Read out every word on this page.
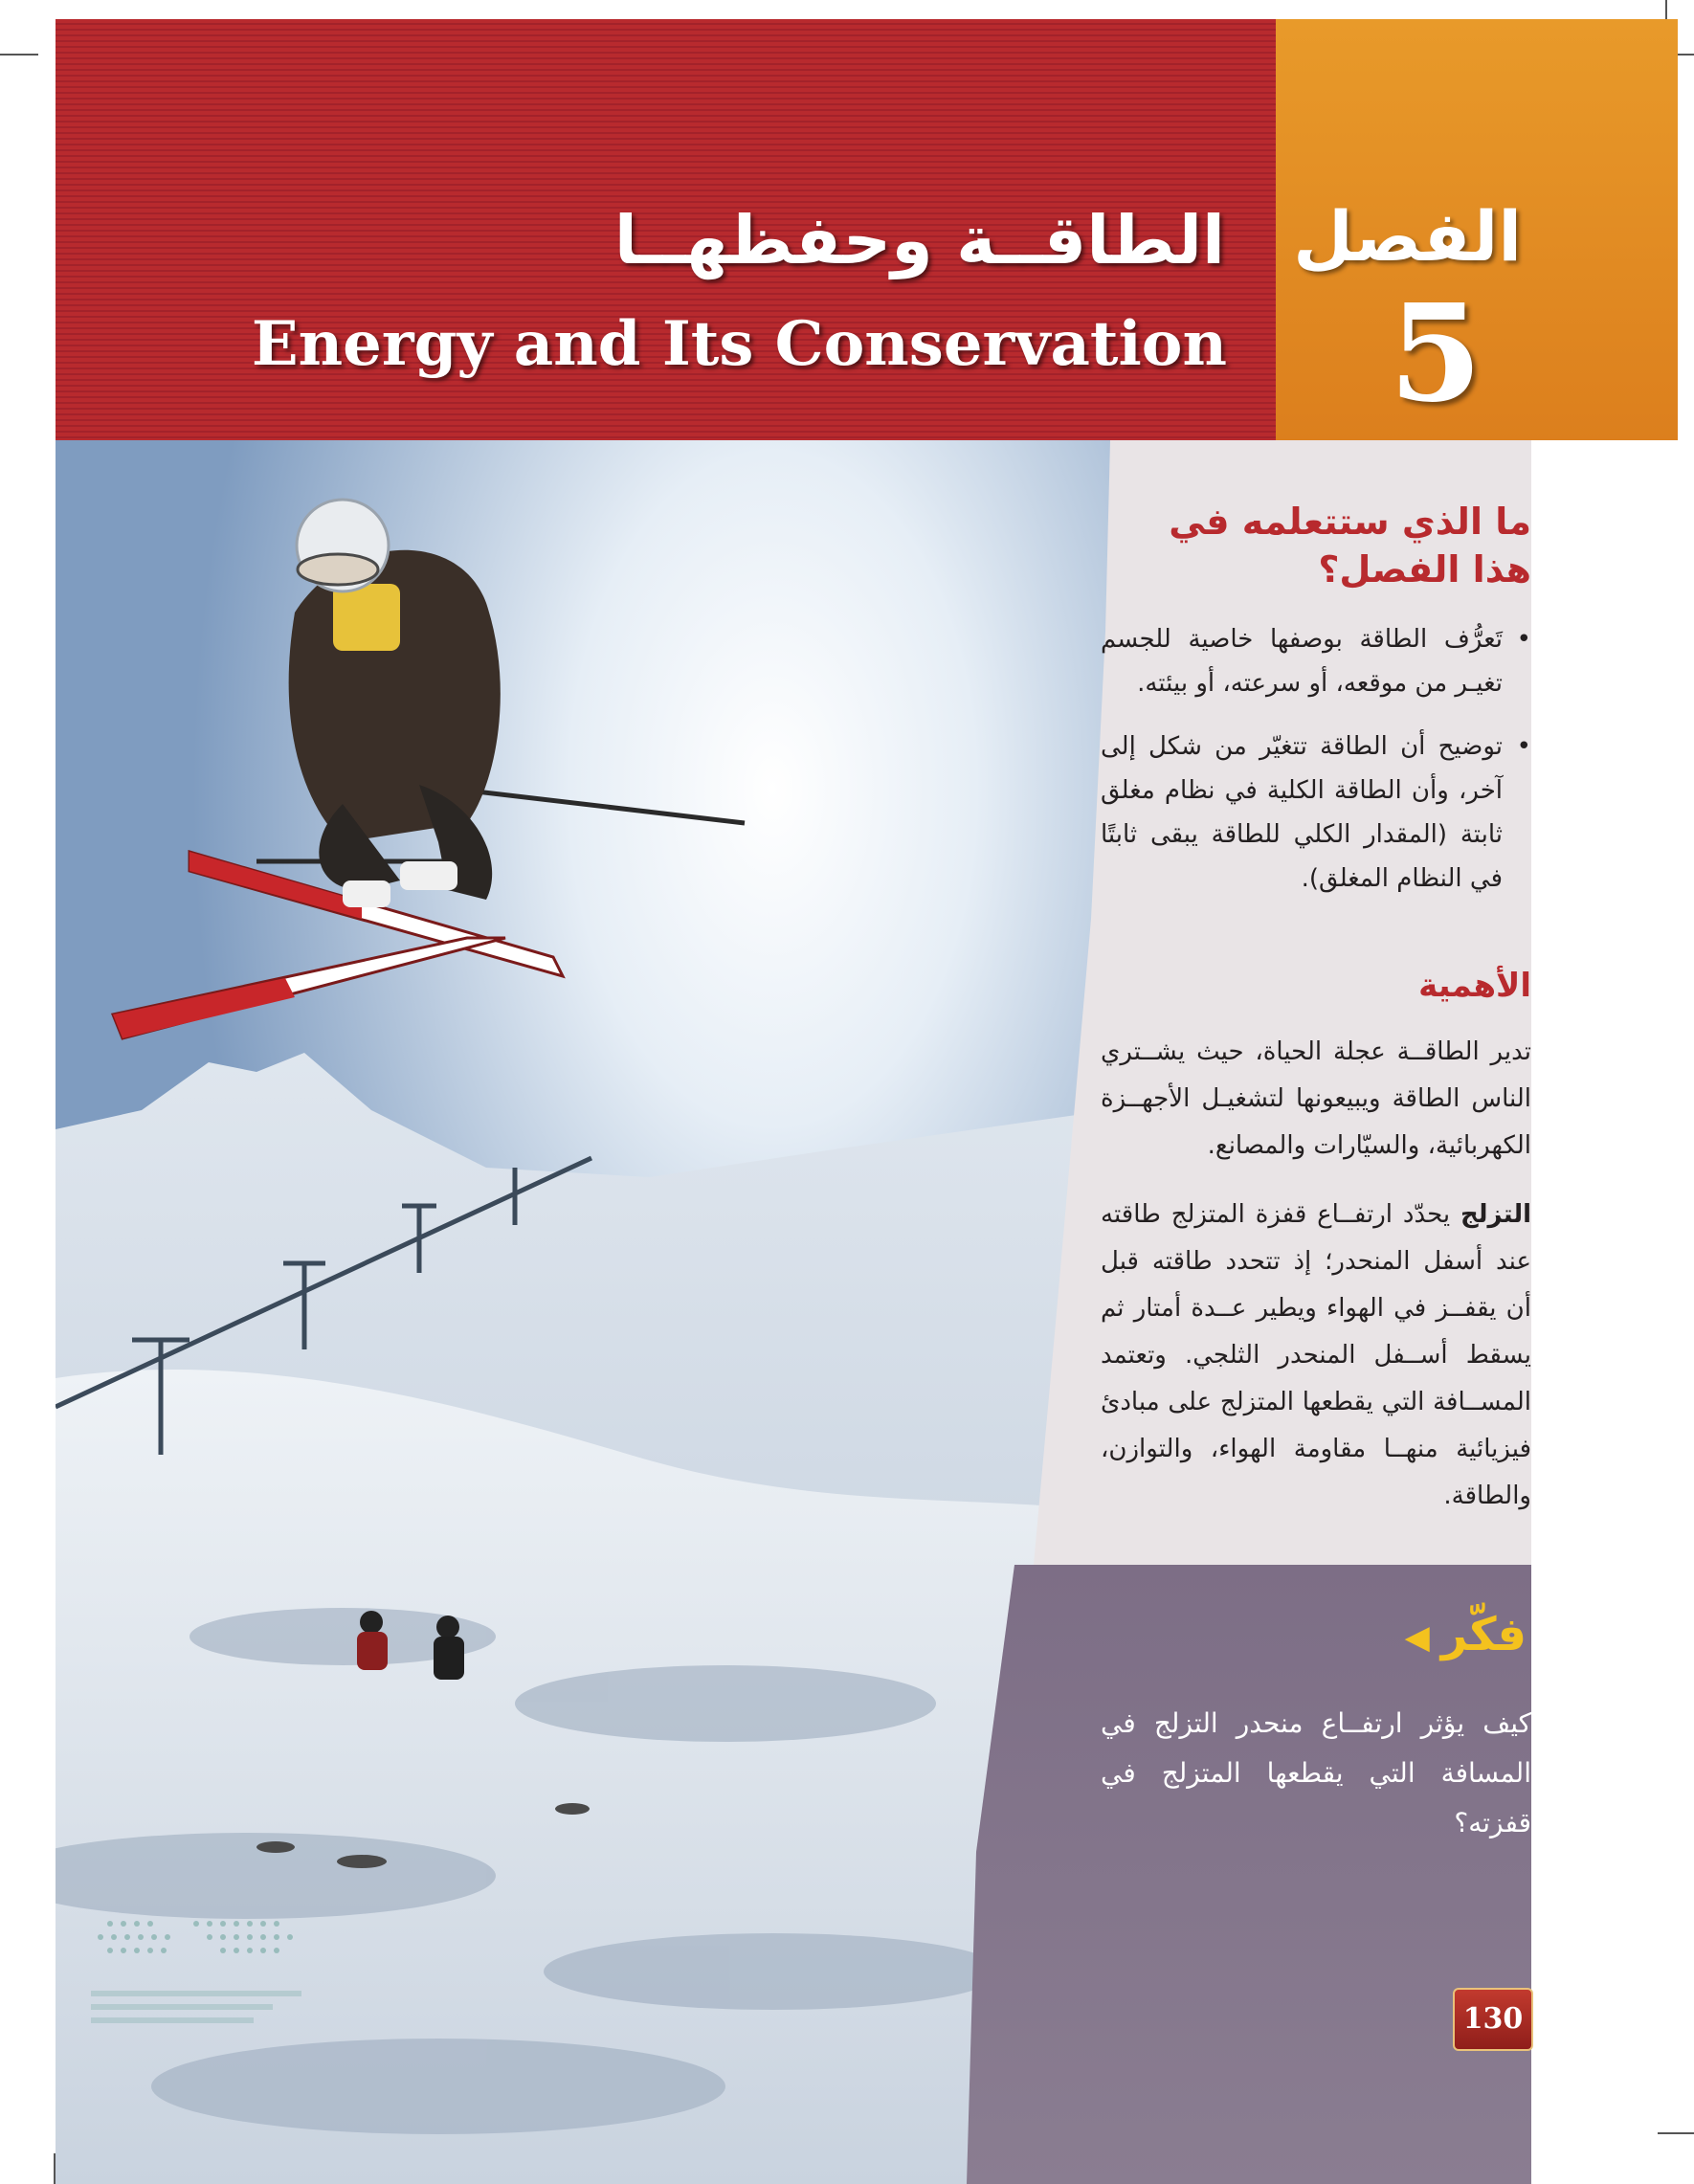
الطاقــة وحفظهــا
Energy and Its Conservation
الفصل
5
ما الذي ستتعلمه في هذا الفصل؟

• تَعرُّف الطاقة بوصفها خاصية للجسم تغيـر من موقعه، أو سرعته، أو بيئته.

• توضيح أن الطاقة تتغيّر من شكل إلى آخر، وأن الطاقة الكلية في نظام مغلق ثابتة (المقدار الكلي للطاقة يبقى ثابتًا في النظام المغلق).

الأهمية
تدير الطاقــة عجلة الحياة، حيث يشــتري الناس الطاقة ويبيعونها لتشغيـل الأجهــزة الكهربائية، والسيّارات والمصانع.
التزلج يحدّد ارتفــاع قفزة المتزلج طاقته عند أسفل المنحدر؛ إذ تتحدد طاقته قبل أن يقفــز في الهواء ويطير عــدة أمتار ثم يسقط أســفل المنحدر الثلجي. وتعتمد المســافة التي يقطعها المتزلج على مبادئ فيزيائية منهــا مقاومة الهواء، والتوازن، والطاقة.
فكّر◀
كيف يؤثر ارتفــاع منحدر التزلج في المسافة التي يقطعها المتزلج في قفزته؟
130
